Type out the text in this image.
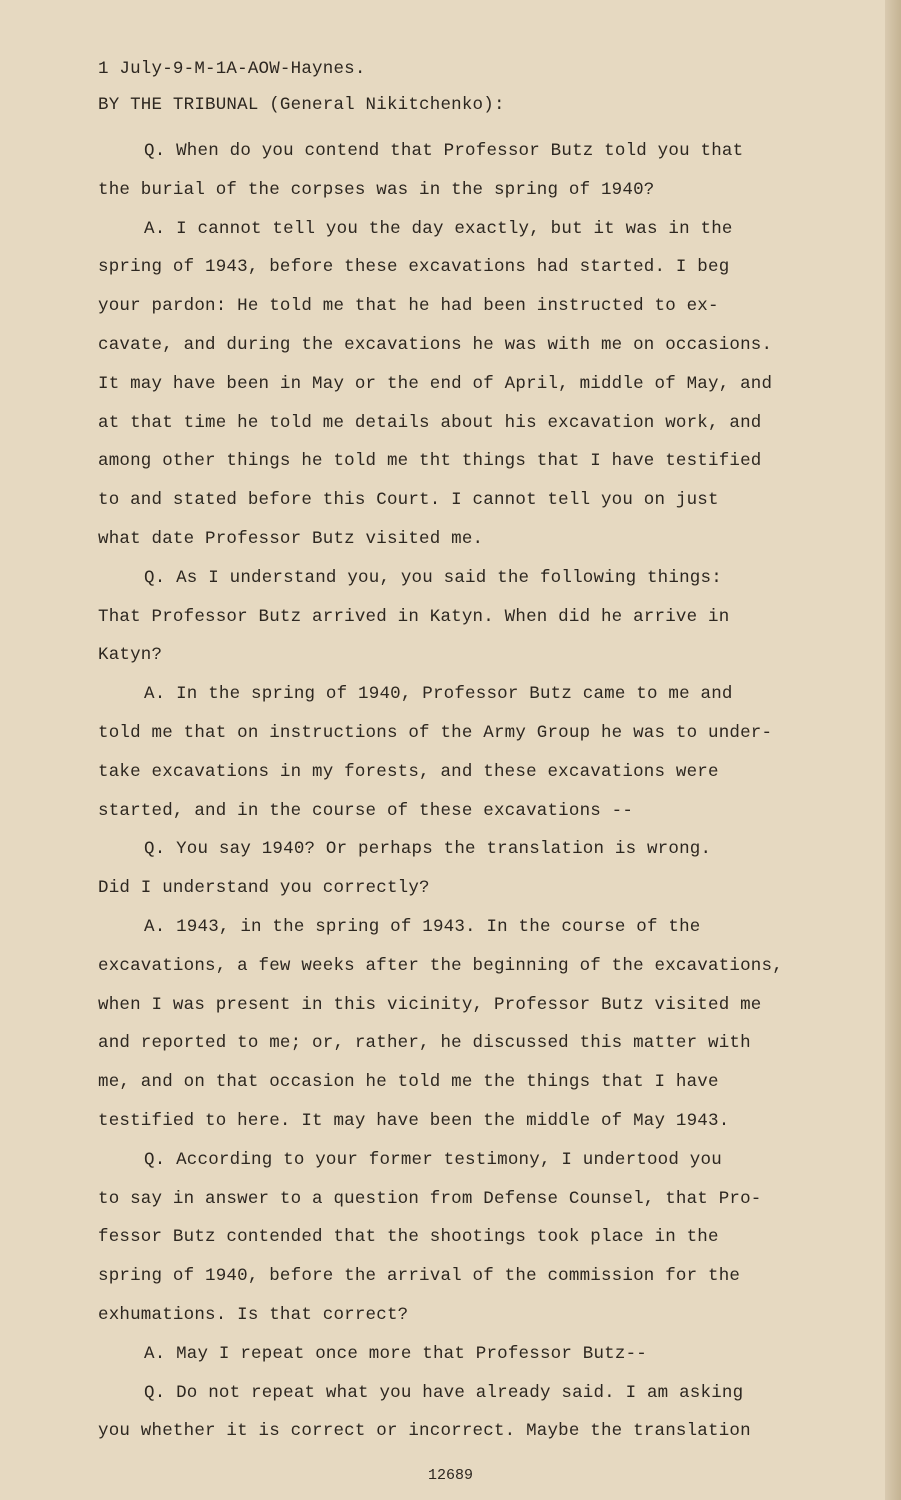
1 July-9-M-1A-AOW-Haynes.
BY THE TRIBUNAL (General Nikitchenko):
Q. When do you contend that Professor Butz told you that
the burial of the corpses was in the spring of 1940?
A. I cannot tell you the day exactly, but it was in the
spring of 1943, before these excavations had started. I beg
your pardon: He told me that he had been instructed to ex-
cavate, and during the excavations he was with me on occasions.
It may have been in May or the end of April, middle of May, and
at that time he told me details about his excavation work, and
among other things he told me tht things that I have testified
to and stated before this Court. I cannot tell you on just
what date Professor Butz visited me.
Q. As I understand you, you said the following things:
That Professor Butz arrived in Katyn. When did he arrive in
Katyn?
A. In the spring of 1940, Professor Butz came to me and
told me that on instructions of the Army Group he was to under-
take excavations in my forests, and these excavations were
started, and in the course of these excavations --
Q. You say 1940? Or perhaps the translation is wrong.
Did I understand you correctly?
A. 1943, in the spring of 1943. In the course of the
excavations, a few weeks after the beginning of the excavations,
when I was present in this vicinity, Professor Butz visited me
and reported to me; or, rather, he discussed this matter with
me, and on that occasion he told me the things that I have
testified to here. It may have been the middle of May 1943.
Q. According to your former testimony, I undertood you
to say in answer to a question from Defense Counsel, that Pro-
fessor Butz contended that the shootings took place in the
spring of 1940, before the arrival of the commission for the
exhumations. Is that correct?
A. May I repeat once more that Professor Butz--
Q. Do not repeat what you have already said. I am asking
you whether it is correct or incorrect. Maybe the translation
12689
